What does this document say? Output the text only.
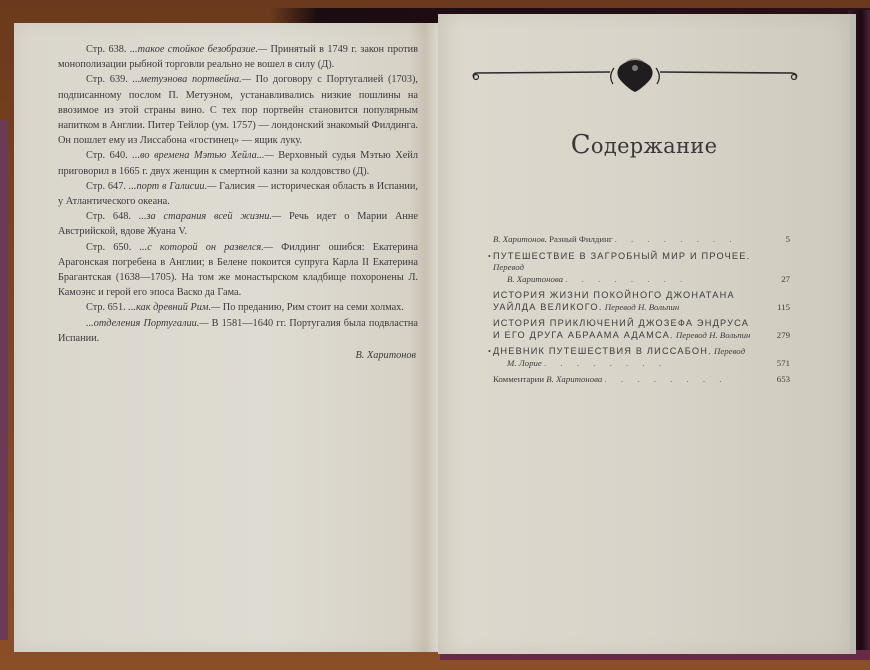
Стр. 638. ...такое стойкое безобразие.— Принятый в 1749 г. закон против монополизации рыбной торговли реально не вошел в силу (Д).

Стр. 639. ...метуэнова портвейна.— По договору с Португалией (1703), подписанному послом П. Метуэном, устанавливались низкие пошлины на ввозимое из этой страны вино. С тех пор портвейн становится популярным напитком в Англии. Питер Тейлор (ум. 1757) — лондонский знакомый Филдинга. Он пошлет ему из Лиссабона «гостинец» — ящик луку.

Стр. 640. ...во времена Мэтью Хейла...— Верховный судья Мэтью Хейл приговорил в 1665 г. двух женщин к смертной казни за колдовство (Д).

Стр. 647. ...порт в Галисии.— Галисия — историческая область в Испании, у Атлантического океана.

Стр. 648. ...за старания всей жизни.— Речь идет о Марии Анне Австрийской, вдове Жуана V.

Стр. 650. ...с которой он развелся.— Филдинг ошибся: Екатерина Арагонская погребена в Англии; в Белене покоится супруга Карла II Екатерина Брагантская (1638—1705). На том же монастырском кладбище похоронены Л. Камоэнс и герой его эпоса Васко да Гама.

Стр. 651. ...как древний Рим.— По преданию, Рим стоит на семи холмах.

...отделения Португалии.— В 1581—1640 гг. Португалия была подвластна Испании.

В. Харитонов
Содержание
В. Харитонов. Разный Филдинг . . . . . . . .	5
• ПУТЕШЕСТВИЕ В ЗАГРОБНЫЙ МИР И ПРОЧЕЕ. Перевод
В. Харитонова . . . . . . . .	27
ИСТОРИЯ ЖИЗНИ ПОКОЙНОГО ДЖОНАТАНА УАЙЛДА ВЕЛИКОГО. Перевод Н. Вольпин	115
ИСТОРИЯ ПРИКЛЮЧЕНИЙ ДЖОЗЕФА ЭНДРУСА И ЕГО ДРУГА АБРААМА АДАМСА. Перевод Н. Вольпин	279
• ДНЕВНИК ПУТЕШЕСТВИЯ В ЛИССАБОН. Перевод
М. Лорие . . . . . . . .	571
Комментарии В. Харитонова . . . . . . . .	653
